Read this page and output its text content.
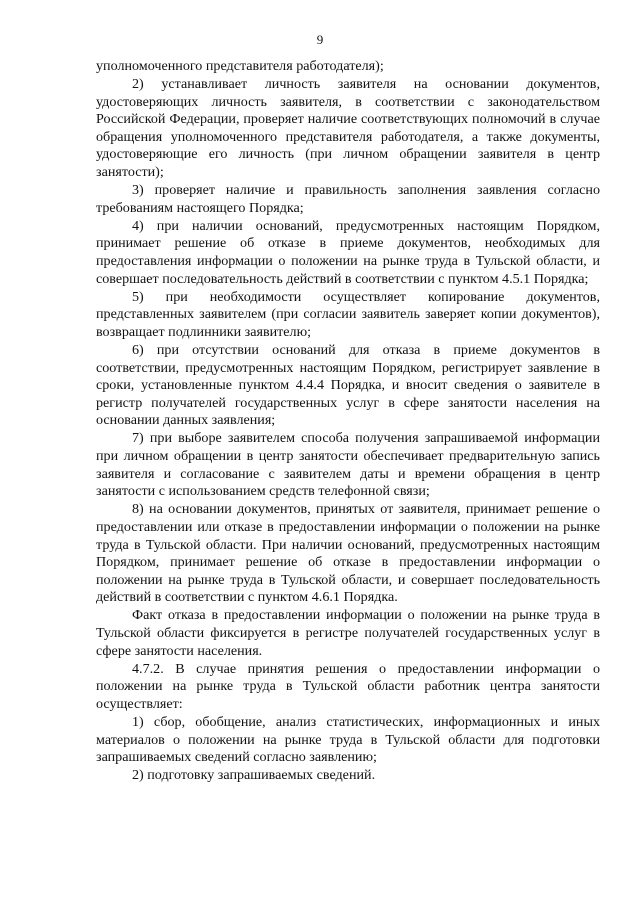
9

уполномоченного представителя работодателя);

2) устанавливает личность заявителя на основании документов, удостоверяющих личность заявителя, в соответствии с законодательством Российской Федерации, проверяет наличие соответствующих полномочий в случае обращения уполномоченного представителя работодателя, а также документы, удостоверяющие его личность (при личном обращении заявителя в центр занятости);

3) проверяет наличие и правильность заполнения заявления согласно требованиям настоящего Порядка;

4) при наличии оснований, предусмотренных настоящим Порядком, принимает решение об отказе в приеме документов, необходимых для предоставления информации о положении на рынке труда в Тульской области, и совершает последовательность действий в соответствии с пунктом 4.5.1 Порядка;

5) при необходимости осуществляет копирование документов, представленных заявителем (при согласии заявитель заверяет копии документов), возвращает подлинники заявителю;

6) при отсутствии оснований для отказа в приеме документов в соответствии, предусмотренных настоящим Порядком, регистрирует заявление в сроки, установленные пунктом 4.4.4 Порядка, и вносит сведения о заявителе в регистр получателей государственных услуг в сфере занятости населения на основании данных заявления;

7) при выборе заявителем способа получения запрашиваемой информации при личном обращении в центр занятости обеспечивает предварительную запись заявителя и согласование с заявителем даты и времени обращения в центр занятости с использованием средств телефонной связи;

8) на основании документов, принятых от заявителя, принимает решение о предоставлении или отказе в предоставлении информации о положении на рынке труда в Тульской области. При наличии оснований, предусмотренных настоящим Порядком, принимает решение об отказе в предоставлении информации о положении на рынке труда в Тульской области, и совершает последовательность действий в соответствии с пунктом 4.6.1 Порядка.

Факт отказа в предоставлении информации о положении на рынке труда в Тульской области фиксируется в регистре получателей государственных услуг в сфере занятости населения.

4.7.2. В случае принятия решения о предоставлении информации о положении на рынке труда в Тульской области работник центра занятости осуществляет:

1) сбор, обобщение, анализ статистических, информационных и иных материалов о положении на рынке труда в Тульской области для подготовки запрашиваемых сведений согласно заявлению;

2) подготовку запрашиваемых сведений.
